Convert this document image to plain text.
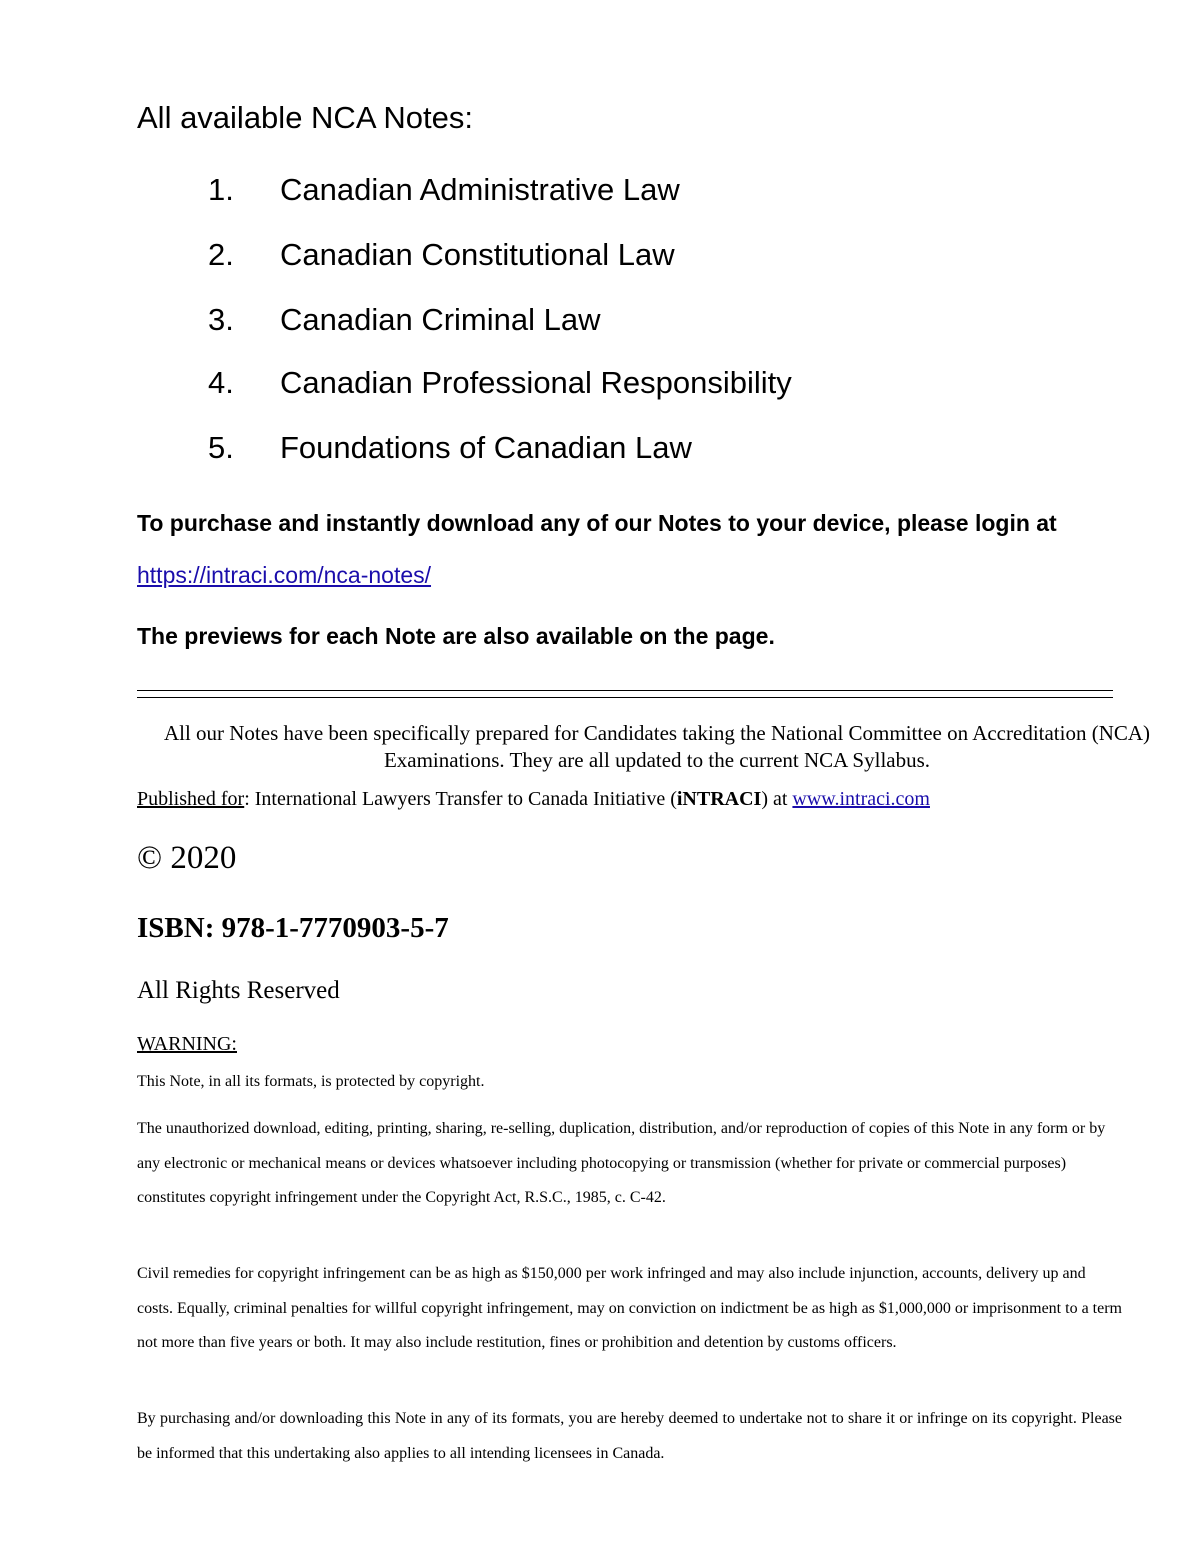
All available NCA Notes:
1. Canadian Administrative Law
2. Canadian Constitutional Law
3. Canadian Criminal Law
4. Canadian Professional Responsibility
5. Foundations of Canadian Law
To purchase and instantly download any of our Notes to your device, please login at
https://intraci.com/nca-notes/
The previews for each Note are also available on the page.
All our Notes have been specifically prepared for Candidates taking the National Committee on Accreditation (NCA) Examinations. They are all updated to the current NCA Syllabus.
Published for: International Lawyers Transfer to Canada Initiative (iNTRACI) at www.intraci.com
© 2020
ISBN: 978-1-7770903-5-7
All Rights Reserved
WARNING:
This Note, in all its formats, is protected by copyright.
The unauthorized download, editing, printing, sharing, re-selling, duplication, distribution, and/or reproduction of copies of this Note in any form or by any electronic or mechanical means or devices whatsoever including photocopying or transmission (whether for private or commercial purposes) constitutes copyright infringement under the Copyright Act, R.S.C., 1985, c. C-42.
Civil remedies for copyright infringement can be as high as $150,000 per work infringed and may also include injunction, accounts, delivery up and costs. Equally, criminal penalties for willful copyright infringement, may on conviction on indictment be as high as $1,000,000 or imprisonment to a term not more than five years or both. It may also include restitution, fines or prohibition and detention by customs officers.
By purchasing and/or downloading this Note in any of its formats, you are hereby deemed to undertake not to share it or infringe on its copyright. Please be informed that this undertaking also applies to all intending licensees in Canada.
